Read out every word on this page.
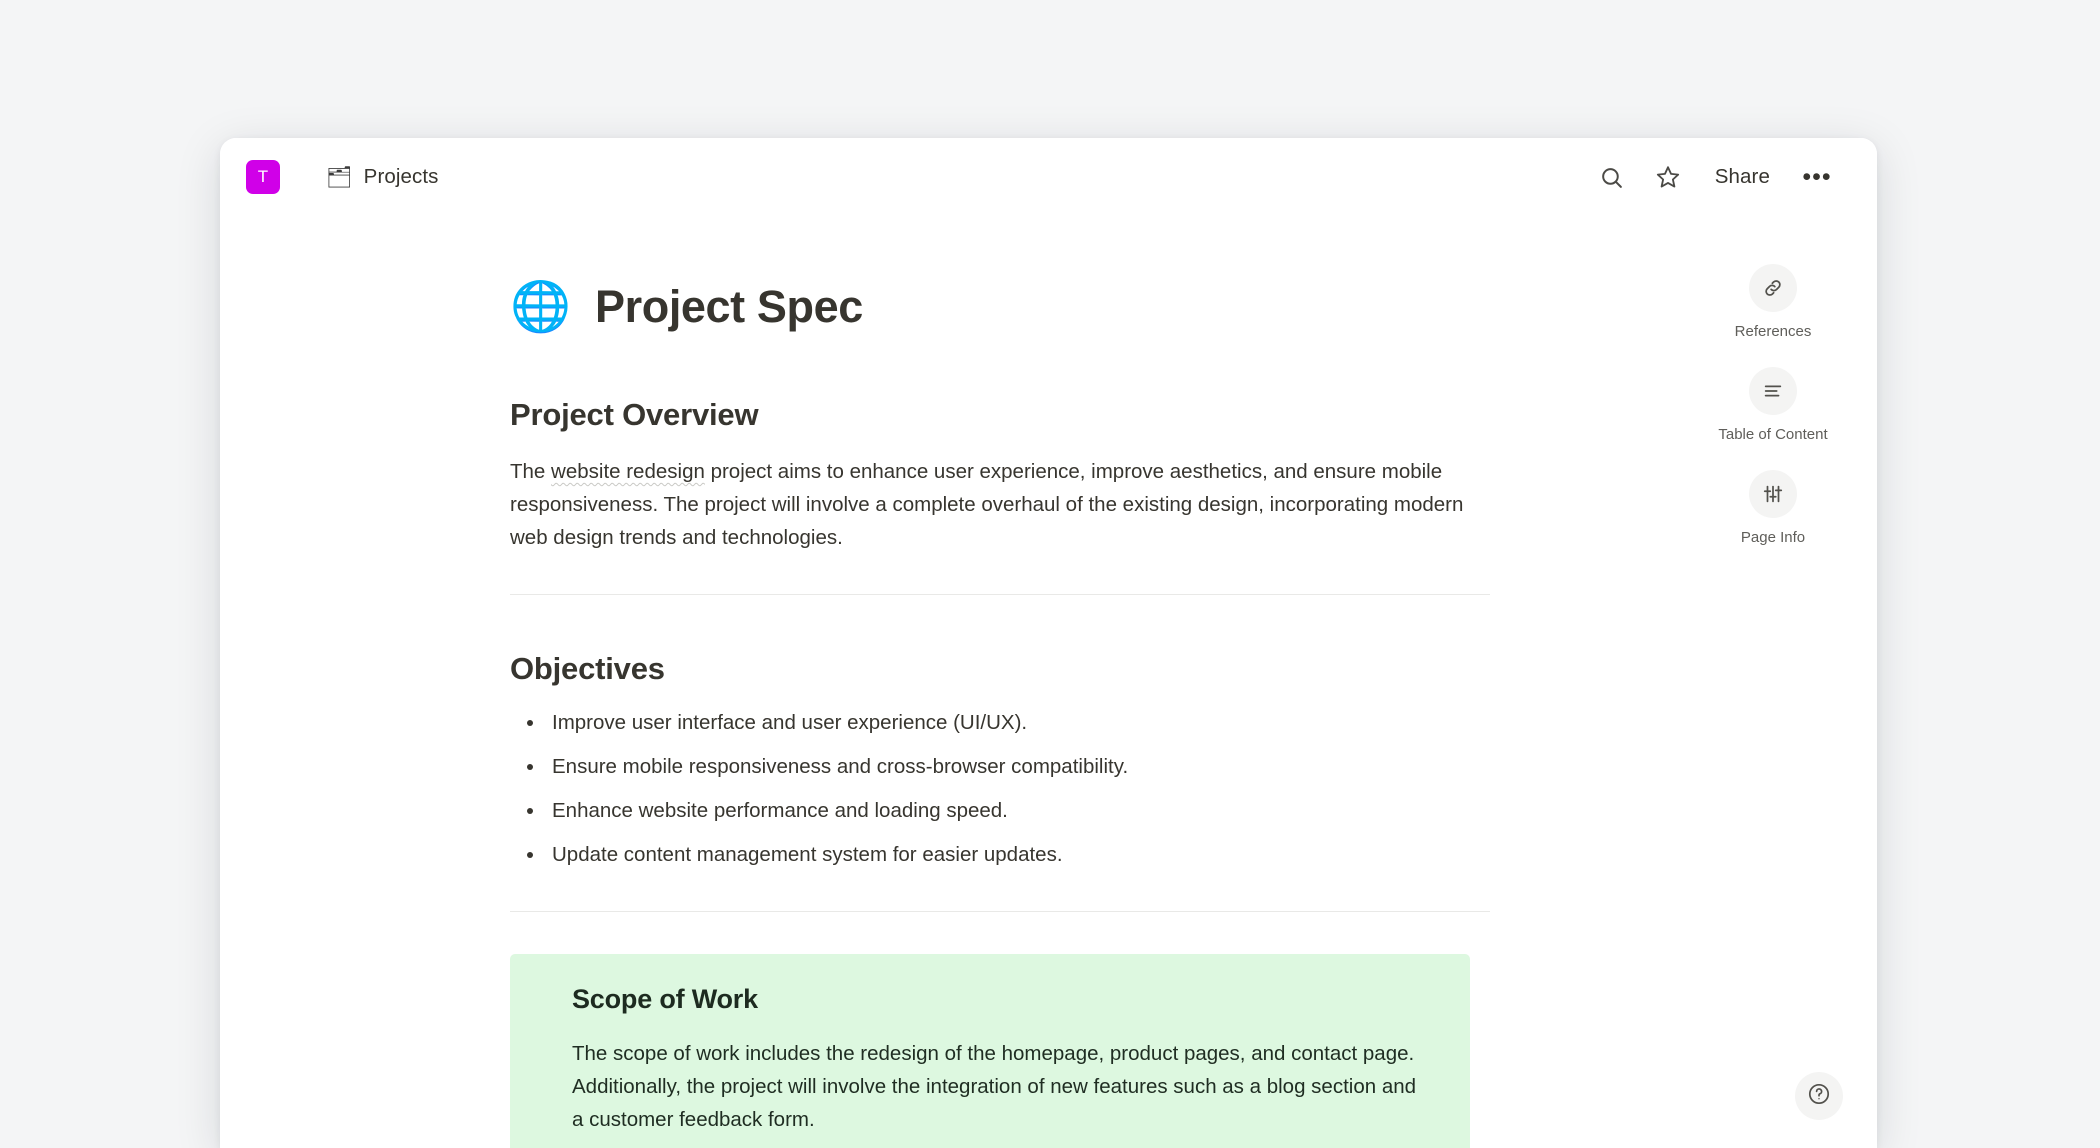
T	🗂 Projects	Share	•••
🌐 Project Spec
Project Overview

The website redesign project aims to enhance user experience, improve aesthetics, and ensure mobile responsiveness. The project will involve a complete overhaul of the existing design, incorporating modern web design trends and technologies.

Objectives
Improve user interface and user experience (UI/UX).
Ensure mobile responsiveness and cross-browser compatibility.
Enhance website performance and loading speed.
Update content management system for easier updates.
Scope of Work

The scope of work includes the redesign of the homepage, product pages, and contact page. Additionally, the project will involve the integration of new features such as a blog section and a customer feedback form.

References
Table of Content
Page Info
